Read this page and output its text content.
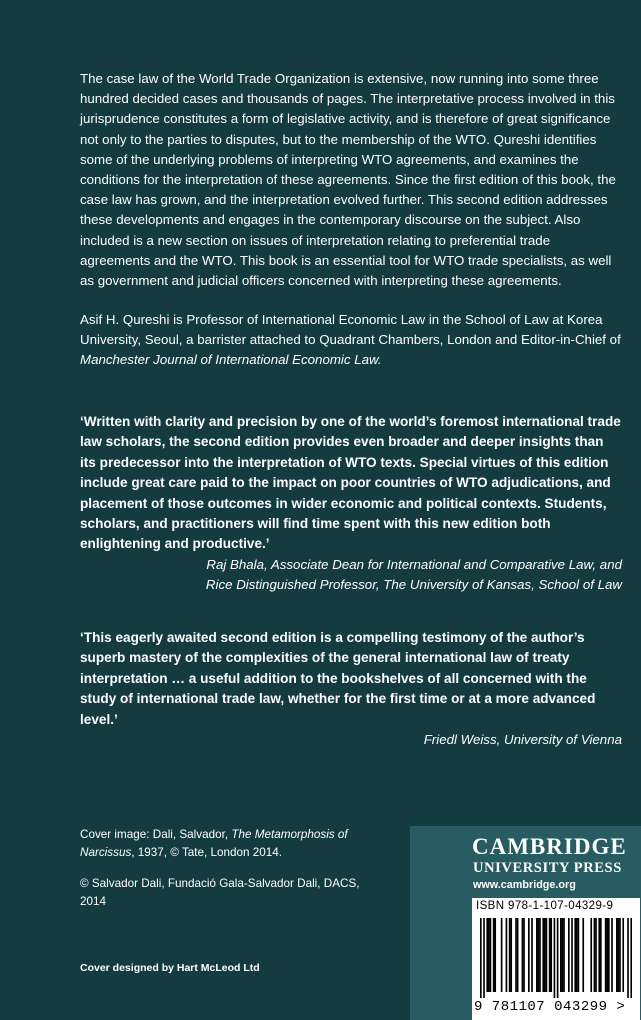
The case law of the World Trade Organization is extensive, now running into some three hundred decided cases and thousands of pages. The interpretative process involved in this jurisprudence constitutes a form of legislative activity, and is therefore of great significance not only to the parties to disputes, but to the membership of the WTO. Qureshi identifies some of the underlying problems of interpreting WTO agreements, and examines the conditions for the interpretation of these agreements. Since the first edition of this book, the case law has grown, and the interpretation evolved further. This second edition addresses these developments and engages in the contemporary discourse on the subject. Also included is a new section on issues of interpretation relating to preferential trade agreements and the WTO. This book is an essential tool for WTO trade specialists, as well as government and judicial officers concerned with interpreting these agreements.

Asif H. Qureshi is Professor of International Economic Law in the School of Law at Korea University, Seoul, a barrister attached to Quadrant Chambers, London and Editor-in-Chief of Manchester Journal of International Economic Law.

‘Written with clarity and precision by one of the world’s foremost international trade law scholars, the second edition provides even broader and deeper insights than its predecessor into the interpretation of WTO texts. Special virtues of this edition include great care paid to the impact on poor countries of WTO adjudications, and placement of those outcomes in wider economic and political contexts. Students, scholars, and practitioners will find time spent with this new edition both enlightening and productive.’

Raj Bhala, Associate Dean for International and Comparative Law, and
Rice Distinguished Professor, The University of Kansas, School of Law

‘This eagerly awaited second edition is a compelling testimony of the author’s superb mastery of the complexities of the general international law of treaty interpretation … a useful addition to the bookshelves of all concerned with the study of international trade law, whether for the first time or at a more advanced level.’

Friedl Weiss, University of Vienna

Cover image: Dali, Salvador, The Metamorphosis of Narcissus, 1937, © Tate, London 2014.

© Salvador Dali, Fundació Gala-Salvador Dali, DACS, 2014

Cover designed by Hart McLeod Ltd
CAMBRIDGE
UNIVERSITY PRESS
www.cambridge.org
ISBN 978-1-107-04329-9
9 781107 043299 >
